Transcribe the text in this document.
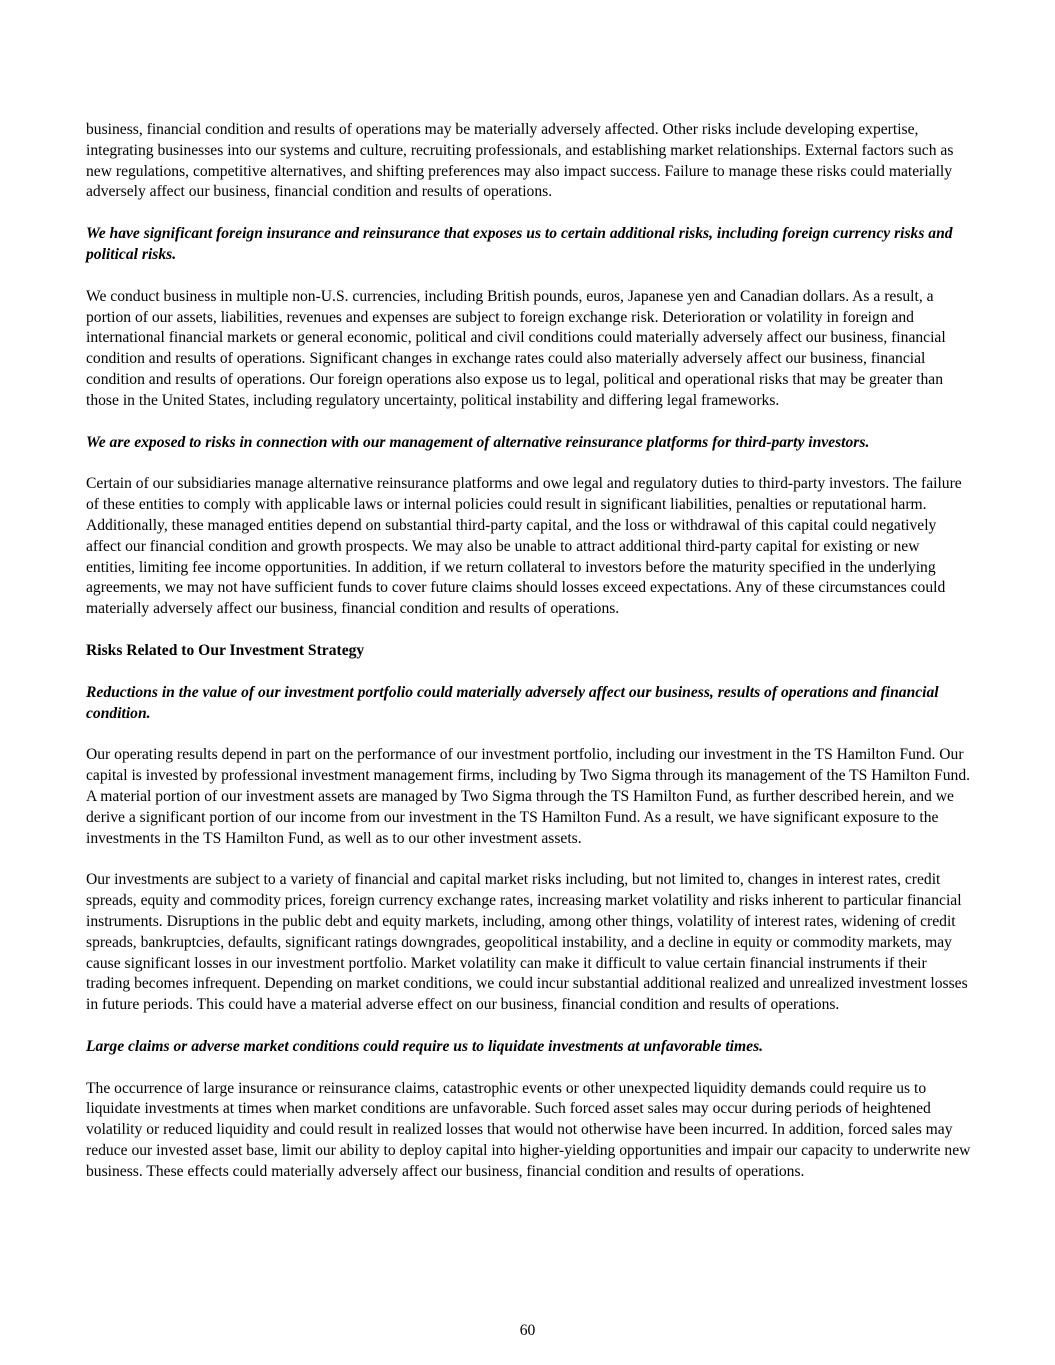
business, financial condition and results of operations may be materially adversely affected. Other risks include developing expertise, integrating businesses into our systems and culture, recruiting professionals, and establishing market relationships. External factors such as new regulations, competitive alternatives, and shifting preferences may also impact success. Failure to manage these risks could materially adversely affect our business, financial condition and results of operations.

We have significant foreign insurance and reinsurance that exposes us to certain additional risks, including foreign currency risks and political risks.

We conduct business in multiple non-U.S. currencies, including British pounds, euros, Japanese yen and Canadian dollars. As a result, a portion of our assets, liabilities, revenues and expenses are subject to foreign exchange risk. Deterioration or volatility in foreign and international financial markets or general economic, political and civil conditions could materially adversely affect our business, financial condition and results of operations. Significant changes in exchange rates could also materially adversely affect our business, financial condition and results of operations. Our foreign operations also expose us to legal, political and operational risks that may be greater than those in the United States, including regulatory uncertainty, political instability and differing legal frameworks.

We are exposed to risks in connection with our management of alternative reinsurance platforms for third-party investors.

Certain of our subsidiaries manage alternative reinsurance platforms and owe legal and regulatory duties to third-party investors. The failure of these entities to comply with applicable laws or internal policies could result in significant liabilities, penalties or reputational harm. Additionally, these managed entities depend on substantial third-party capital, and the loss or withdrawal of this capital could negatively affect our financial condition and growth prospects. We may also be unable to attract additional third-party capital for existing or new entities, limiting fee income opportunities. In addition, if we return collateral to investors before the maturity specified in the underlying agreements, we may not have sufficient funds to cover future claims should losses exceed expectations. Any of these circumstances could materially adversely affect our business, financial condition and results of operations.

Risks Related to Our Investment Strategy

Reductions in the value of our investment portfolio could materially adversely affect our business, results of operations and financial condition.

Our operating results depend in part on the performance of our investment portfolio, including our investment in the TS Hamilton Fund. Our capital is invested by professional investment management firms, including by Two Sigma through its management of the TS Hamilton Fund. A material portion of our investment assets are managed by Two Sigma through the TS Hamilton Fund, as further described herein, and we derive a significant portion of our income from our investment in the TS Hamilton Fund. As a result, we have significant exposure to the investments in the TS Hamilton Fund, as well as to our other investment assets.

Our investments are subject to a variety of financial and capital market risks including, but not limited to, changes in interest rates, credit spreads, equity and commodity prices, foreign currency exchange rates, increasing market volatility and risks inherent to particular financial instruments. Disruptions in the public debt and equity markets, including, among other things, volatility of interest rates, widening of credit spreads, bankruptcies, defaults, significant ratings downgrades, geopolitical instability, and a decline in equity or commodity markets, may cause significant losses in our investment portfolio. Market volatility can make it difficult to value certain financial instruments if their trading becomes infrequent. Depending on market conditions, we could incur substantial additional realized and unrealized investment losses in future periods. This could have a material adverse effect on our business, financial condition and results of operations.

Large claims or adverse market conditions could require us to liquidate investments at unfavorable times.

The occurrence of large insurance or reinsurance claims, catastrophic events or other unexpected liquidity demands could require us to liquidate investments at times when market conditions are unfavorable. Such forced asset sales may occur during periods of heightened volatility or reduced liquidity and could result in realized losses that would not otherwise have been incurred. In addition, forced sales may reduce our invested asset base, limit our ability to deploy capital into higher-yielding opportunities and impair our capacity to underwrite new business. These effects could materially adversely affect our business, financial condition and results of operations.

60
